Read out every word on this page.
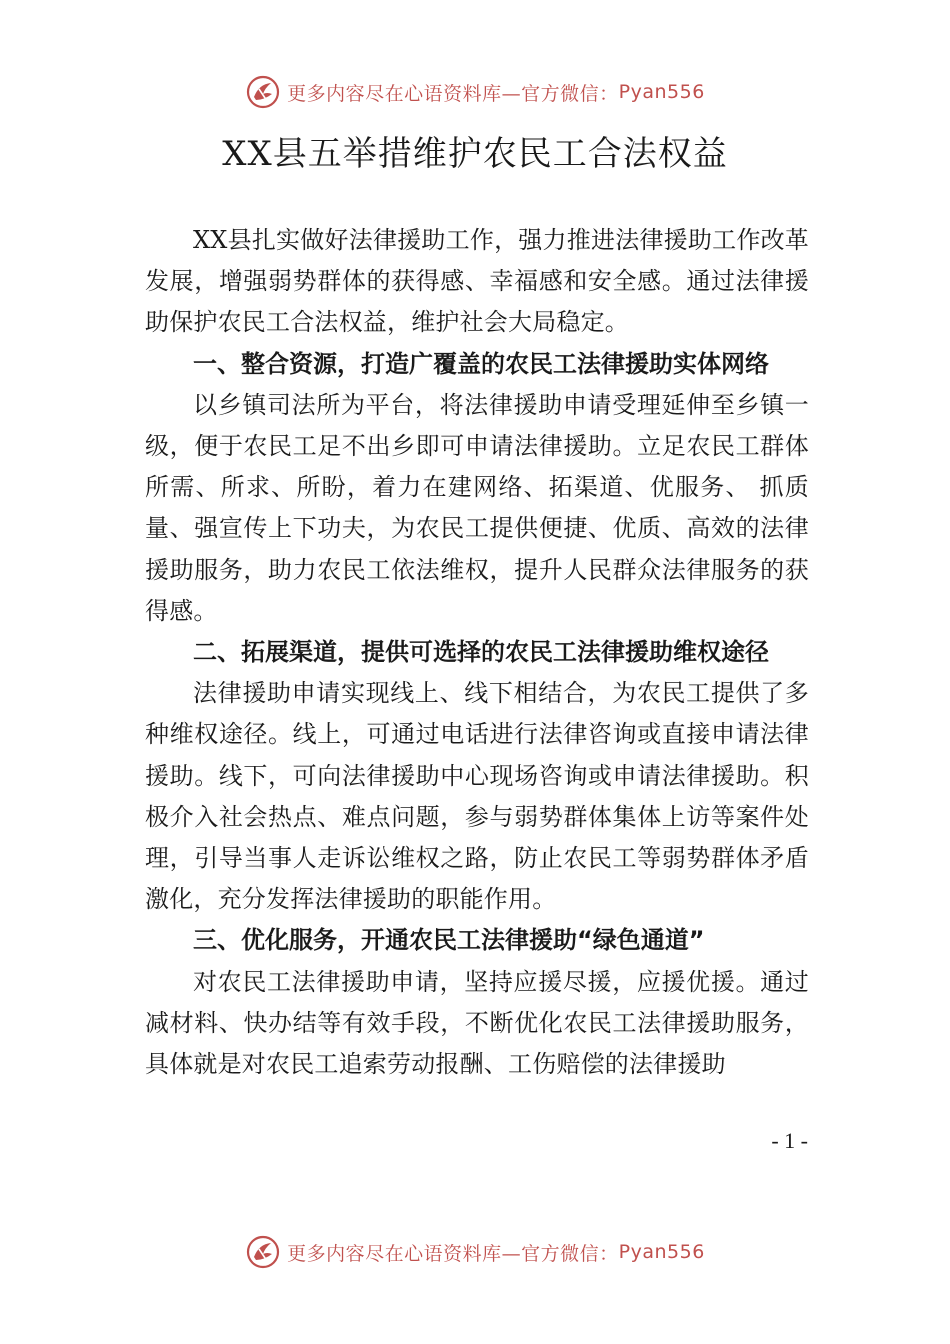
更多内容尽在心语资料库—官方微信： Pyan556
XX县五举措维护农民工合法权益

XX县扎实做好法律援助工作，强力推进法律援助工作改革发展，增强弱势群体的获得感、幸福感和安全感。通过法律援助保护农民工合法权益，维护社会大局稳定。

一、整合资源，打造广覆盖的农民工法律援助实体网络

以乡镇司法所为平台，将法律援助申请受理延伸至乡镇一级，便于农民工足不出乡即可申请法律援助。立足农民工群体所需、所求、所盼，着力在建网络、拓渠道、优服务、 抓质量、强宣传上下功夫，为农民工提供便捷、优质、高效的法律援助服务，助力农民工依法维权，提升人民群众法律服务的获得感。

二、拓展渠道，提供可选择的农民工法律援助维权途径

法律援助申请实现线上、线下相结合，为农民工提供了多种维权途径。线上，可通过电话进行法律咨询或直接申请法律援助。线下，可向法律援助中心现场咨询或申请法律援助。积极介入社会热点、难点问题，参与弱势群体集体上访等案件处理，引导当事人走诉讼维权之路，防止农民工等弱势群体矛盾激化，充分发挥法律援助的职能作用。

三、优化服务，开通农民工法律援助“绿色通道”

对农民工法律援助申请，坚持应援尽援，应援优援。通过减材料、快办结等有效手段，不断优化农民工法律援助服务，具体就是对农民工追索劳动报酬、工伤赔偿的法律援助

- 1 -
更多内容尽在心语资料库—官方微信： Pyan556
